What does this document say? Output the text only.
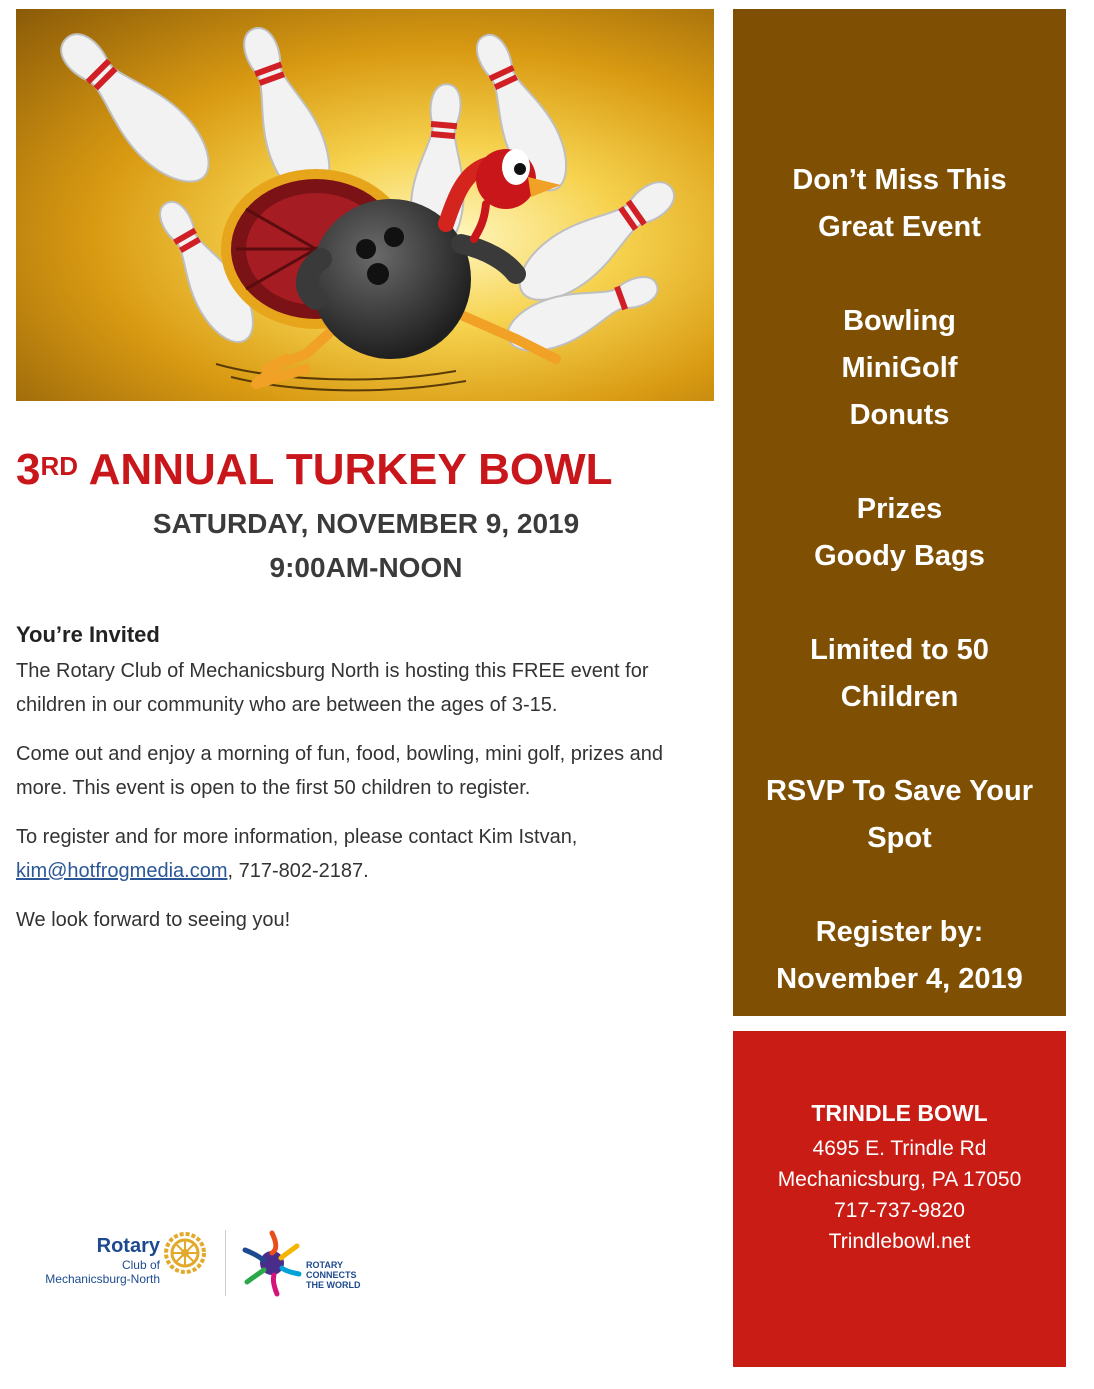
3RD ANNUAL TURKEY BOWL

SATURDAY, NOVEMBER 9, 2019

9:00AM-NOON

You’re Invited

The Rotary Club of Mechanicsburg North is hosting this FREE event for children in our community who are between the ages of 3-15.

Come out and enjoy a morning of fun, food, bowling, mini golf, prizes and more. This event is open to the first 50 children to register.

To register and for more information, please contact Kim Istvan,
kim@hotfrogmedia.com, 717-802-2187.

We look forward to seeing you!

Don’t Miss This
Great Event
Bowling
MiniGolf
Donuts
Prizes
Goody Bags
Limited to 50
Children
RSVP To Save Your
Spot
Register by:
November 4, 2019
TRINDLE BOWL
4695 E. Trindle Rd
Mechanicsburg, PA 17050
717-737-9820
Trindlebowl.net
Rotary
Club of
Mechanicsburg-North
ROTARY
CONNECTS
THE WORLD
